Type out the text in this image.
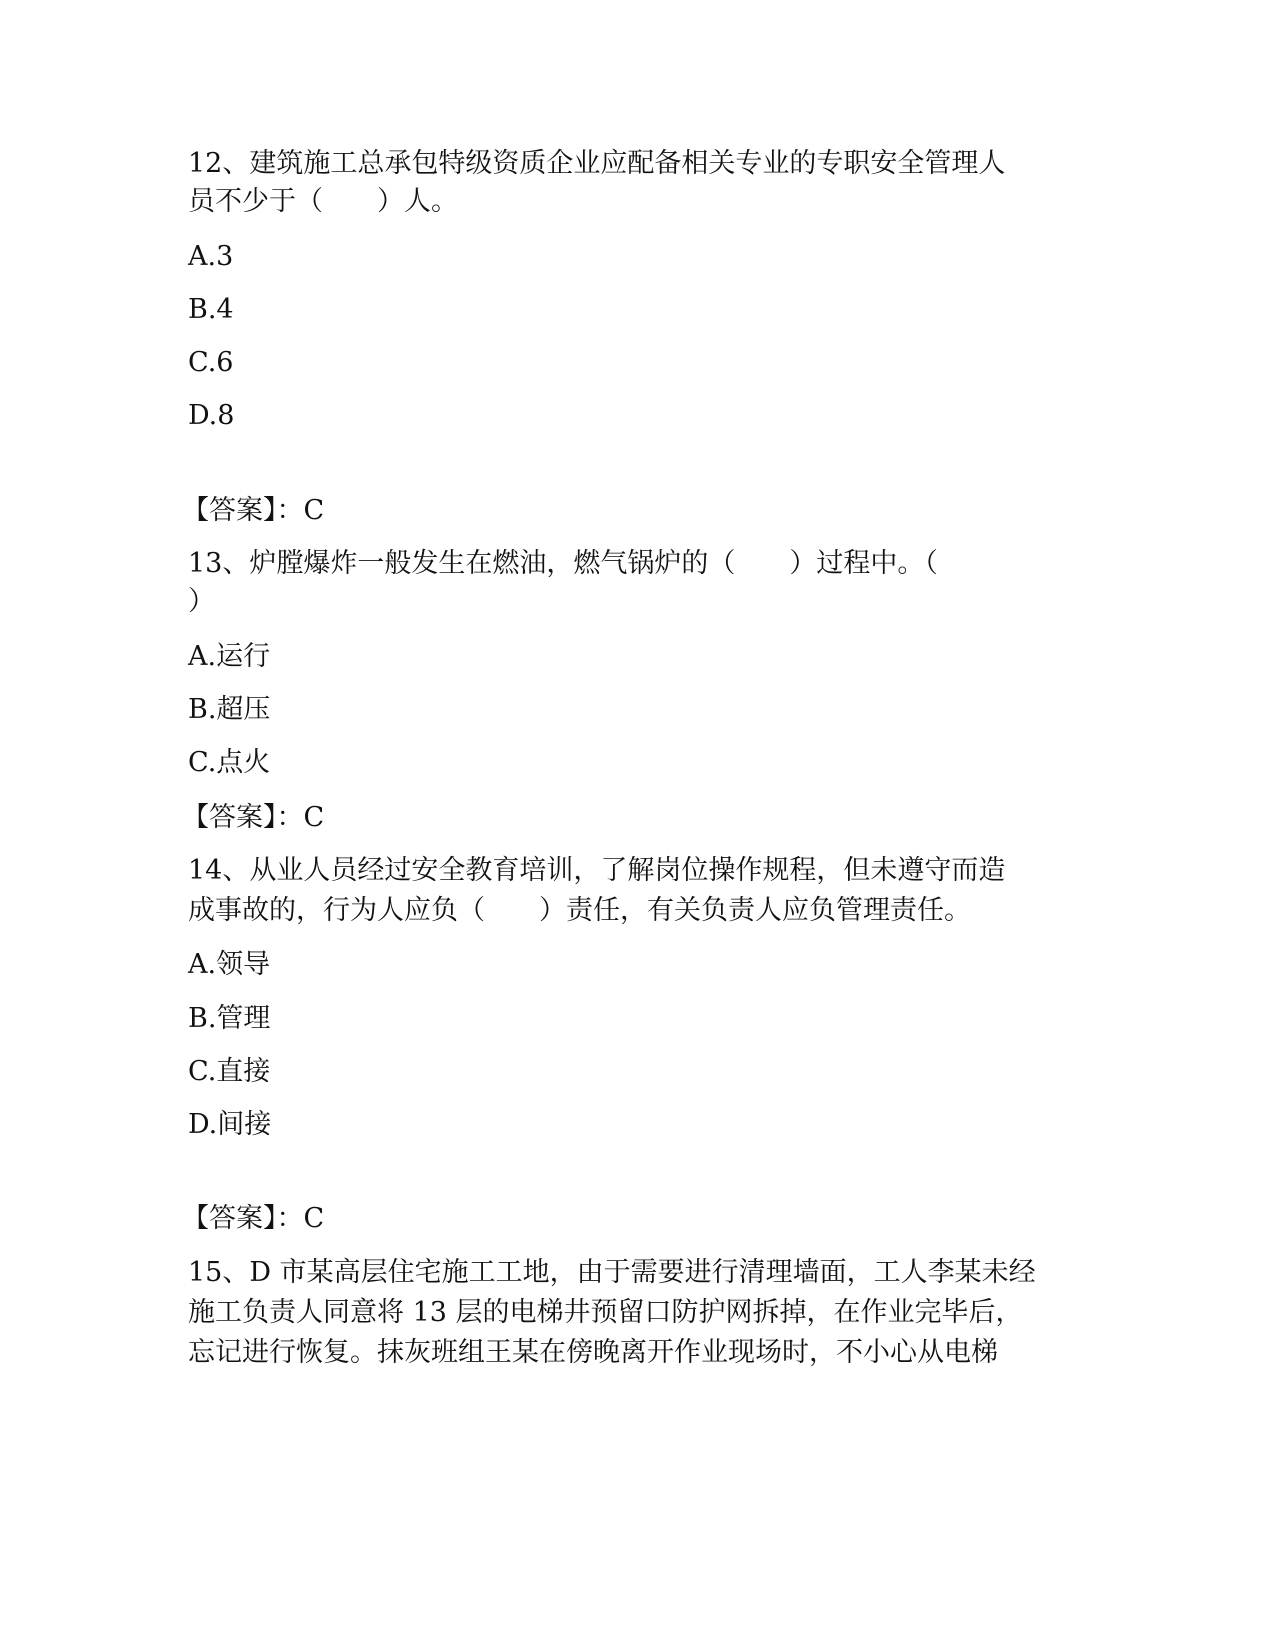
12、建筑施工总承包特级资质企业应配备相关专业的专职安全管理人
员不少于（　　）人。
A.3
B.4
C.6
D.8
【答案】：C
13、炉膛爆炸一般发生在燃油，燃气锅炉的（　　）过程中。（
）
A.运行
B.超压
C.点火
【答案】：C
14、从业人员经过安全教育培训，了解岗位操作规程，但未遵守而造
成事故的，行为人应负（　　）责任，有关负责人应负管理责任。
A.领导
B.管理
C.直接
D.间接
【答案】：C
15、D 市某高层住宅施工工地，由于需要进行清理墙面，工人李某未经
施工负责人同意将 13 层的电梯井预留口防护网拆掉，在作业完毕后，
忘记进行恢复。抹灰班组王某在傍晚离开作业现场时，不小心从电梯
